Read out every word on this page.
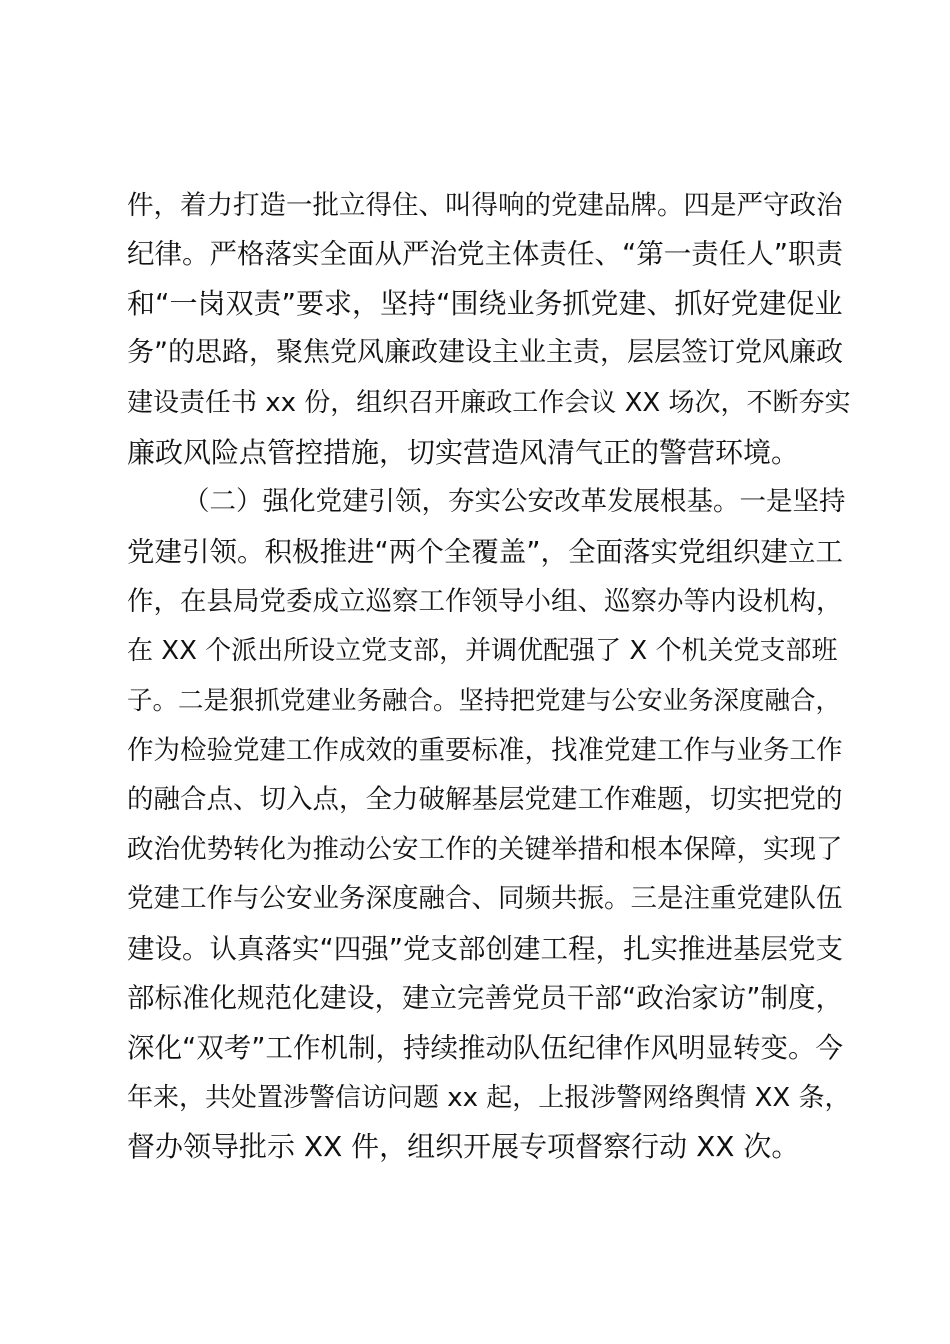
件，着力打造一批立得住、叫得响的党建品牌。四是严守政治
纪律。严格落实全面从严治党主体责任、“第一责任人”职责
和“一岗双责”要求，坚持“围绕业务抓党建、抓好党建促业
务”的思路，聚焦党风廉政建设主业主责，层层签订党风廉政
建设责任书 xx 份，组织召开廉政工作会议 XX 场次，不断夯实
廉政风险点管控措施，切实营造风清气正的警营环境。
（二）强化党建引领，夯实公安改革发展根基。一是坚持
党建引领。积极推进“两个全覆盖”，全面落实党组织建立工
作，在县局党委成立巡察工作领导小组、巡察办等内设机构，
在 XX 个派出所设立党支部，并调优配强了 X 个机关党支部班
子。二是狠抓党建业务融合。坚持把党建与公安业务深度融合，
作为检验党建工作成效的重要标准，找准党建工作与业务工作
的融合点、切入点，全力破解基层党建工作难题，切实把党的
政治优势转化为推动公安工作的关键举措和根本保障，实现了
党建工作与公安业务深度融合、同频共振。三是注重党建队伍
建设。认真落实“四强”党支部创建工程，扎实推进基层党支
部标准化规范化建设，建立完善党员干部“政治家访”制度，
深化“双考”工作机制，持续推动队伍纪律作风明显转变。今
年来，共处置涉警信访问题 xx 起，上报涉警网络舆情 XX 条，
督办领导批示 XX 件，组织开展专项督察行动 XX 次。
